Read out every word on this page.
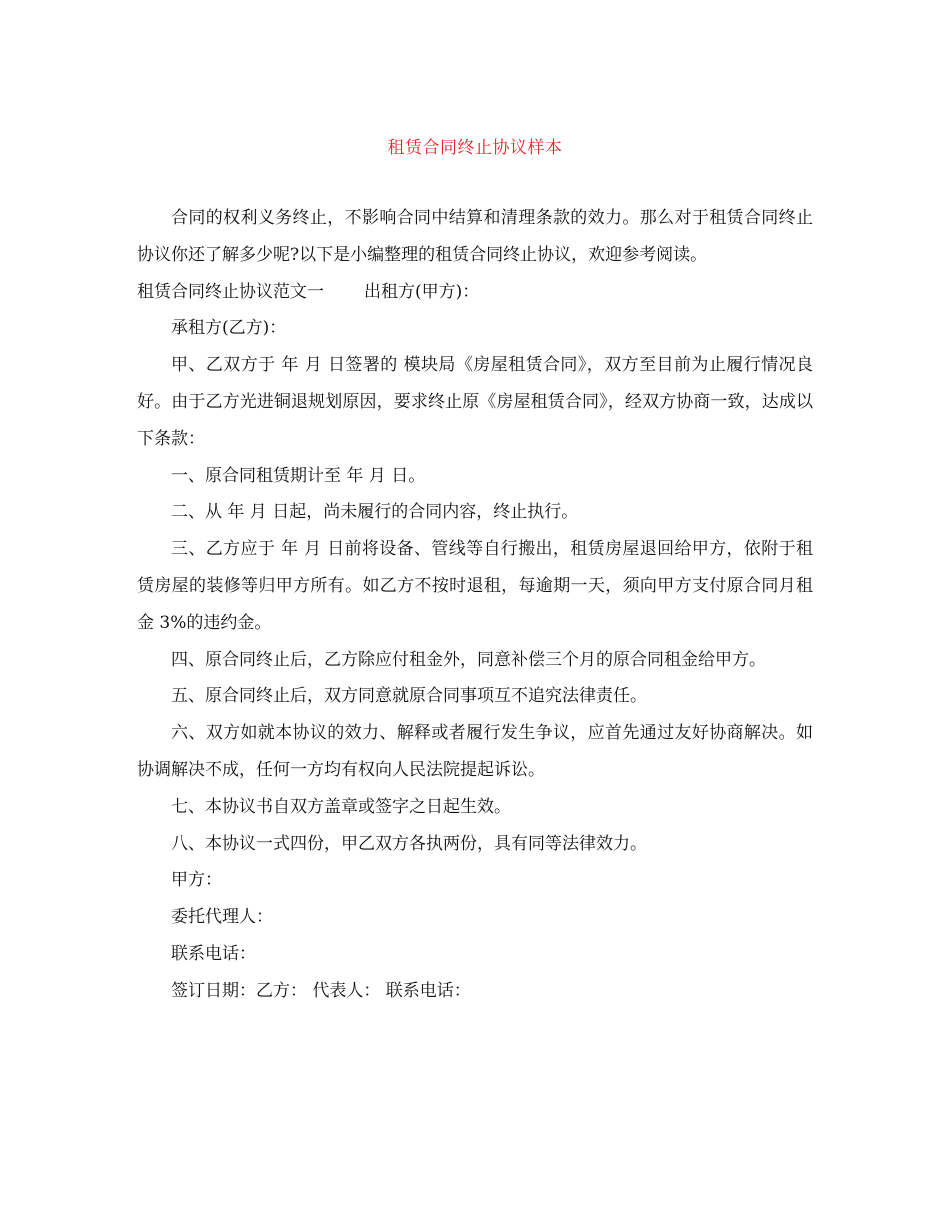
租赁合同终止协议样本

合同的权利义务终止，不影响合同中结算和清理条款的效力。那么对于租赁合同终止协议你还了解多少呢?以下是小编整理的租赁合同终止协议，欢迎参考阅读。

租赁合同终止协议范文一 出租方(甲方)：

承租方(乙方)：

甲、乙双方于 年 月 日签署的 模块局《房屋租赁合同》，双方至目前为止履行情况良好。由于乙方光进铜退规划原因，要求终止原《房屋租赁合同》，经双方协商一致，达成以下条款：

一、原合同租赁期计至 年 月 日。

二、从 年 月 日起，尚未履行的合同内容，终止执行。

三、乙方应于 年 月 日前将设备、管线等自行搬出，租赁房屋退回给甲方，依附于租赁房屋的装修等归甲方所有。如乙方不按时退租，每逾期一天，须向甲方支付原合同月租金 3%的违约金。

四、原合同终止后，乙方除应付租金外，同意补偿三个月的原合同租金给甲方。

五、原合同终止后，双方同意就原合同事项互不追究法律责任。

六、双方如就本协议的效力、解释或者履行发生争议，应首先通过友好协商解决。如协调解决不成，任何一方均有权向人民法院提起诉讼。

七、本协议书自双方盖章或签字之日起生效。

八、本协议一式四份，甲乙双方各执两份，具有同等法律效力。

甲方：

委托代理人：

联系电话：

签订日期：乙方： 代表人： 联系电话：
